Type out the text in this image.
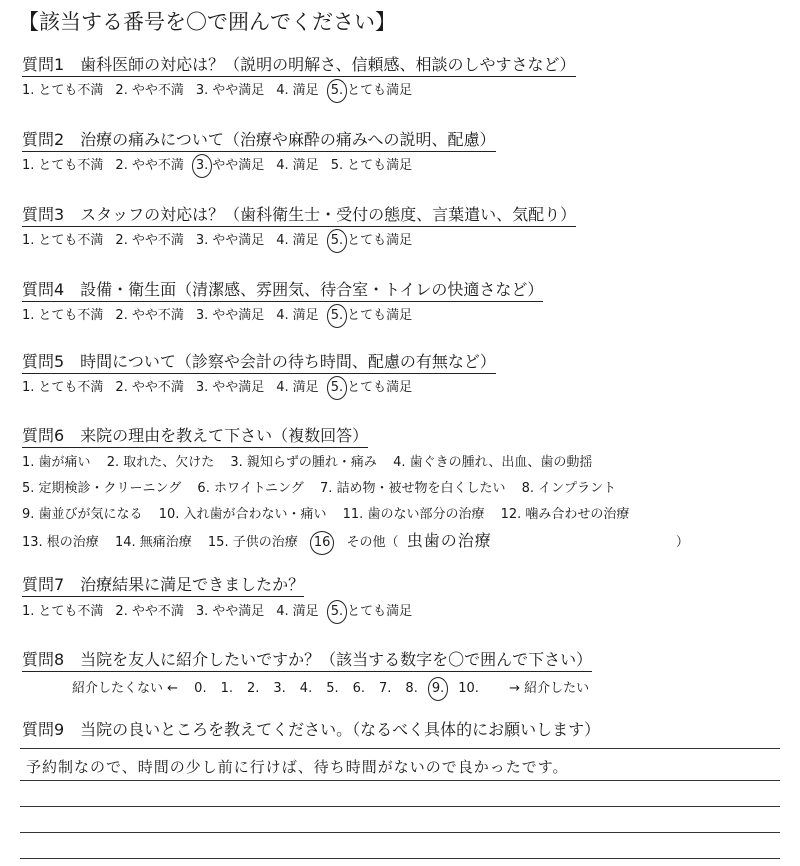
【該当する番号を〇で囲んでください】
質問1　歯科医師の対応は？（説明の明解さ、信頼感、相談のしやすさなど）
1. とても不満 2. やや不満 3. やや満足 4. 満足 5. とても満足
質問2　治療の痛みについて（治療や麻酔の痛みへの説明、配慮）
1. とても不満 2. やや不満 3. やや満足 4. 満足 5. とても満足
質問3　スタッフの対応は？（歯科衛生士・受付の態度、言葉遣い、気配り）
1. とても不満 2. やや不満 3. やや満足 4. 満足 5. とても満足
質問4　設備・衛生面（清潔感、雰囲気、待合室・トイレの快適さなど）
1. とても不満 2. やや不満 3. やや満足 4. 満足 5. とても満足
質問5　時間について（診察や会計の待ち時間、配慮の有無など）
1. とても不満 2. やや不満 3. やや満足 4. 満足 5. とても満足
質問6　来院の理由を教えて下さい（複数回答）
1. 歯が痛い 2. 取れた、欠けた 3. 親知らずの腫れ・痛み 4. 歯ぐきの腫れ、出血、歯の動揺
5. 定期検診・クリーニング 6. ホワイトニング 7. 詰め物・被せ物を白くしたい 8. インプラント
9. 歯並びが気になる 10. 入れ歯が合わない・痛い 11. 歯のない部分の治療 12. 噛み合わせの治療
13. 根の治療 14. 無痛治療 15. 子供の治療 16 その他（ 虫歯の治療	）
質問7　治療結果に満足できましたか？
1. とても不満 2. やや不満 3. やや満足 4. 満足 5. とても満足
質問8　当院を友人に紹介したいですか？（該当する数字を〇で囲んで下さい）
紹介したくない ← 0. 1. 2. 3. 4. 5. 6. 7. 8. 9. 10. → 紹介したい
質問9　当院の良いところを教えてください。（なるべく具体的にお願いします）
予約制なので、時間の少し前に行けば、待ち時間がないので良かったです。
